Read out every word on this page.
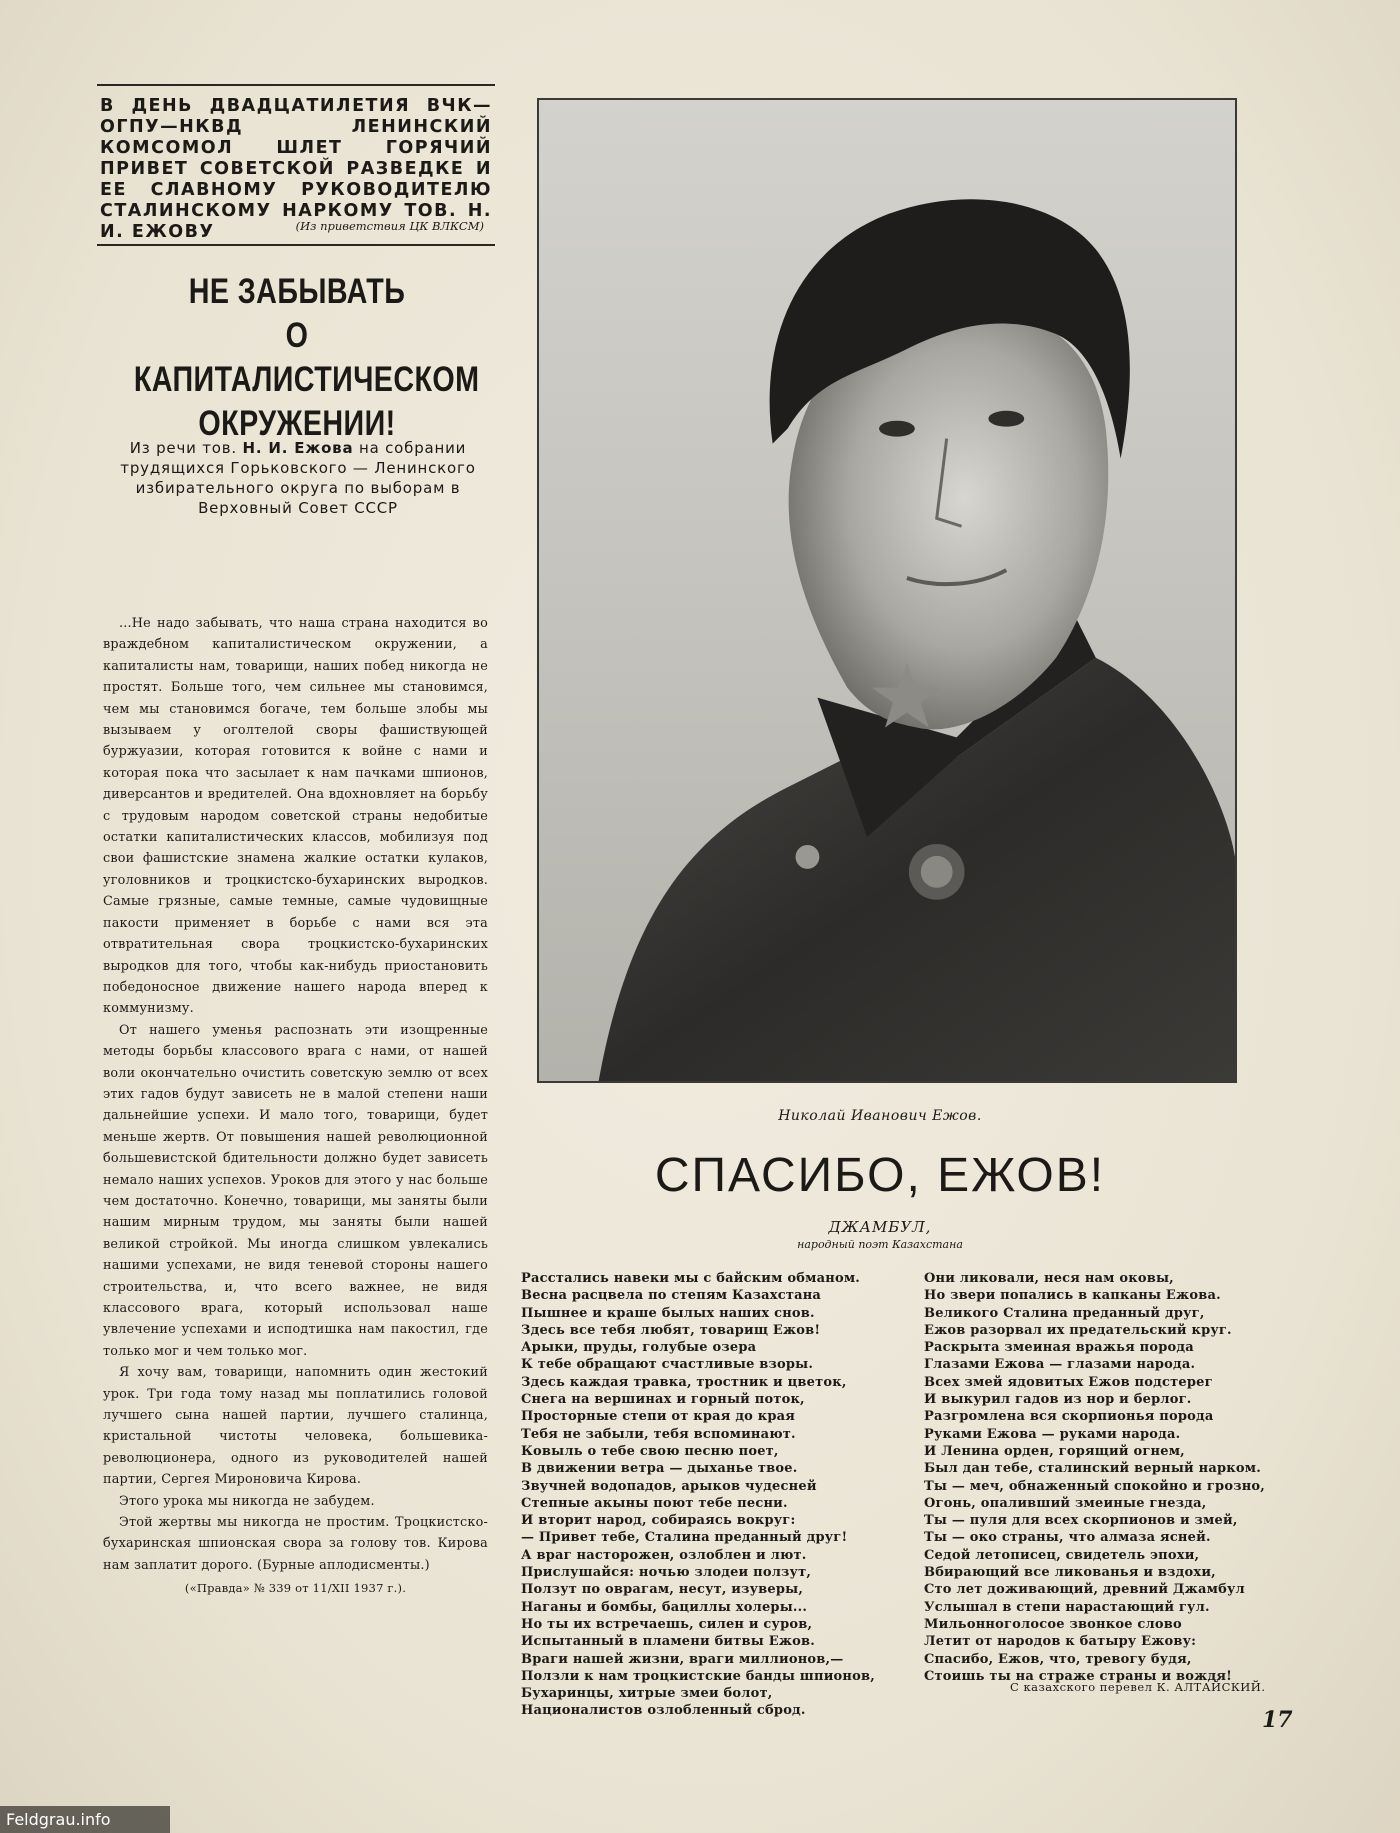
В ДЕНЬ ДВАДЦАТИЛЕТИЯ ВЧК—ОГПУ—НКВД ЛЕНИНСКИЙ КОМСОМОЛ ШЛЕТ ГОРЯЧИЙ ПРИВЕТ СОВЕТСКОЙ РАЗВЕДКЕ И ЕЕ СЛАВНОМУ РУКОВОДИТЕЛЮ СТАЛИНСКОМУ НАРКОМУ ТОВ. Н. И. ЕЖОВУ	(Из приветствия ЦК ВЛКСМ)
НЕ ЗАБЫВАТЬ
О КАПИТАЛИСТИЧЕСКОМ
ОКРУЖЕНИИ!
Из речи тов. Н. И. Ежова на собрании трудящихся Горьковского — Ленинского избирательного округа по выборам в Верховный Совет СССР

...Не надо забывать, что наша страна находится во враждебном капиталистическом окружении, а капиталисты нам, товарищи, наших побед никогда не простят. Больше того, чем сильнее мы становимся, чем мы становимся богаче, тем больше злобы мы вызываем у оголтелой своры фашиствующей буржуазии, которая готовится к войне с нами и которая пока что засылает к нам пачками шпионов, диверсантов и вредителей. Она вдохновляет на борьбу с трудовым народом советской страны недобитые остатки капиталистических классов, мобилизуя под свои фашистские знамена жалкие остатки кулаков, уголовников и троцкистско-бухаринских выродков. Самые грязные, самые темные, самые чудовищные пакости применяет в борьбе с нами вся эта отвратительная свора троцкистско-бухаринских выродков для того, чтобы как-нибудь приостановить победоносное движение нашего народа вперед к коммунизму.

От нашего уменья распознать эти изощренные методы борьбы классового врага с нами, от нашей воли окончательно очистить советскую землю от всех этих гадов будут зависеть не в малой степени наши дальнейшие успехи. И мало того, товарищи, будет меньше жертв. От повышения нашей революционной большевистской бдительности должно будет зависеть немало наших успехов. Уроков для этого у нас больше чем достаточно. Конечно, товарищи, мы заняты были нашим мирным трудом, мы заняты были нашей великой стройкой. Мы иногда слишком увлекались нашими успехами, не видя теневой стороны нашего строительства, и, что всего важнее, не видя классового врага, который использовал наше увлечение успехами и исподтишка нам пакостил, где только мог и чем только мог.

Я хочу вам, товарищи, напомнить один жестокий урок. Три года тому назад мы поплатились головой лучшего сына нашей партии, лучшего сталинца, кристальной чистоты человека, большевика-революционера, одного из руководителей нашей партии, Сергея Мироновича Кирова.

Этого урока мы никогда не забудем.

Этой жертвы мы никогда не простим. Троцкистско-бухаринская шпионская свора за голову тов. Кирова нам заплатит дорого. (Бурные аплодисменты.)

(«Правда» № 339 от 11/XII 1937 г.).

Николай Иванович Ежов.
СПАСИБО, ЕЖОВ!
ДЖАМБУЛ,
народный поэт Казахстана
Расстались навеки мы с байским обманом.
Весна расцвела по степям Казахстана
Пышнее и краше былых наших снов.
Здесь все тебя любят, товарищ Ежов!
Арыки, пруды, голубые озера
К тебе обращают счастливые взоры.
Здесь каждая травка, тростник и цветок,
Снега на вершинах и горный поток,
Просторные степи от края до края
Тебя не забыли, тебя вспоминают.
Ковыль о тебе свою песню поет,
В движении ветра — дыханье твое.
Звучней водопадов, арыков чудесней
Степные акыны поют тебе песни.
И вторит народ, собираясь вокруг:
— Привет тебе, Сталина преданный друг!
А враг насторожен, озлоблен и лют.
Прислушайся: ночью злодеи ползут,
Ползут по оврагам, несут, изуверы,
Наганы и бомбы, бациллы холеры...
Но ты их встречаешь, силен и суров,
Испытанный в пламени битвы Ежов.
Враги нашей жизни, враги миллионов,—
Ползли к нам троцкистские банды шпионов,
Бухаринцы, хитрые змеи болот,
Националистов озлобленный сброд.
Они ликовали, неся нам оковы,
Но звери попались в капканы Ежова.
Великого Сталина преданный друг,
Ежов разорвал их предательский круг.
Раскрыта змеиная вражья порода
Глазами Ежова — глазами народа.
Всех змей ядовитых Ежов подстерег
И выкурил гадов из нор и берлог.
Разгромлена вся скорпионья порода
Руками Ежова — руками народа.
И Ленина орден, горящий огнем,
Был дан тебе, сталинский верный нарком.
Ты — меч, обнаженный спокойно и грозно,
Огонь, опаливший змеиные гнезда,
Ты — пуля для всех скорпионов и змей,
Ты — око страны, что алмаза ясней.
Седой летописец, свидетель эпохи,
Вбирающий все ликованья и вздохи,
Сто лет доживающий, древний Джамбул
Услышал в степи нарастающий гул.
Мильонноголосое звонкое слово
Летит от народов к батыру Ежову:
Спасибо, Ежов, что, тревогу будя,
Стоишь ты на страже страны и вождя!
С казахского перевел К. АЛТАЙСКИЙ.
17
Feldgrau.info
